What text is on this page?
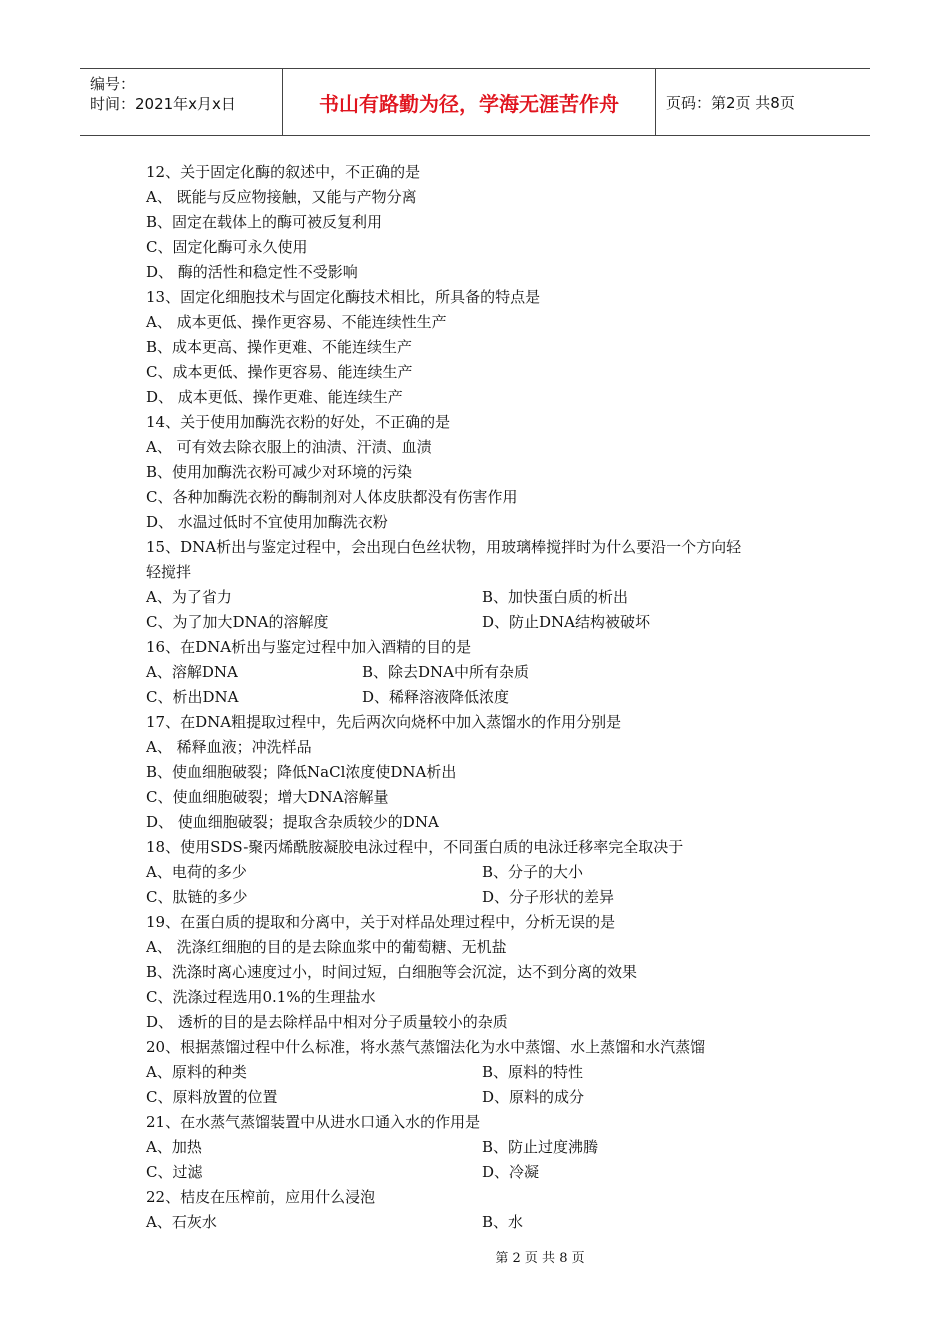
编号：
时间：2021年x月x日	书山有路勤为径，学海无涯苦作舟	页码：第2页 共8页
12、关于固定化酶的叙述中，不正确的是
A、 既能与反应物接触，又能与产物分离
B、固定在载体上的酶可被反复利用
C、固定化酶可永久使用
D、 酶的活性和稳定性不受影响
13、固定化细胞技术与固定化酶技术相比，所具备的特点是
A、 成本更低、操作更容易、不能连续性生产
B、成本更高、操作更难、不能连续生产
C、成本更低、操作更容易、能连续生产
D、 成本更低、操作更难、能连续生产
14、关于使用加酶洗衣粉的好处，不正确的是
A、 可有效去除衣服上的油渍、汗渍、血渍
B、使用加酶洗衣粉可减少对环境的污染
C、各种加酶洗衣粉的酶制剂对人体皮肤都没有伤害作用
D、 水温过低时不宜使用加酶洗衣粉
15、DNA析出与鉴定过程中，会出现白色丝状物，用玻璃棒搅拌时为什么要沿一个方向轻
轻搅拌
A、为了省力	B、加快蛋白质的析出
C、为了加大DNA的溶解度	D、防止DNA结构被破坏
16、在DNA析出与鉴定过程中加入酒精的目的是
A、溶解DNA	B、除去DNA中所有杂质
C、析出DNA	D、稀释溶液降低浓度
17、在DNA粗提取过程中，先后两次向烧杯中加入蒸馏水的作用分别是
A、 稀释血液；冲洗样品
B、使血细胞破裂；降低NaCl浓度使DNA析出
C、使血细胞破裂；增大DNA溶解量
D、 使血细胞破裂；提取含杂质较少的DNA
18、使用SDS-聚丙烯酰胺凝胶电泳过程中，不同蛋白质的电泳迁移率完全取决于
A、电荷的多少	B、分子的大小
C、肽链的多少	D、分子形状的差异
19、在蛋白质的提取和分离中，关于对样品处理过程中，分析无误的是
A、 洗涤红细胞的目的是去除血浆中的葡萄糖、无机盐
B、洗涤时离心速度过小，时间过短，白细胞等会沉淀，达不到分离的效果
C、洗涤过程选用0.1%的生理盐水
D、 透析的目的是去除样品中相对分子质量较小的杂质
20、根据蒸馏过程中什么标准，将水蒸气蒸馏法化为水中蒸馏、水上蒸馏和水汽蒸馏
A、原料的种类	B、原料的特性
C、原料放置的位置	D、原料的成分
21、在水蒸气蒸馏装置中从进水口通入水的作用是
A、加热	B、防止过度沸腾
C、过滤	D、冷凝
22、桔皮在压榨前，应用什么浸泡
A、石灰水	B、水
第 2 页 共 8 页
